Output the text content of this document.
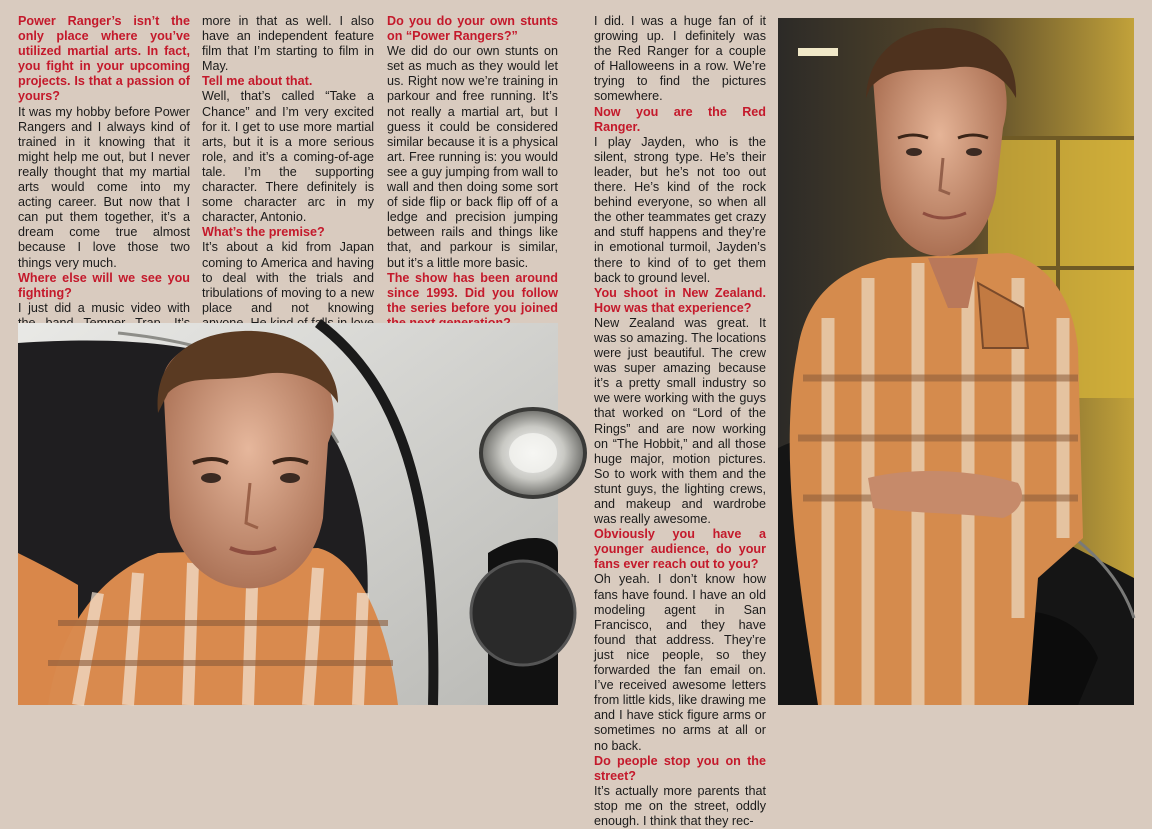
Power Ranger’s isn’t the only place where you’ve utilized martial arts. In fact, you fight in your upcoming projects. Is that a passion of yours?

It was my hobby before Power Rangers and I always kind of trained in it knowing that it might help me out, but I never really thought that my martial arts would come into my acting career. But now that I can put them together, it’s a dream come true almost because I love those two things very much.

Where else will we see you fighting?

I just did a music video with

more in that as well. I also have an independent feature film that I’m starting to film in May.

Tell me about that.

Well, that’s called “Take a Chance” and I’m very excited for it. I get to use more martial arts, but it is a more serious role, and it’s a coming-of-age tale. I’m the supporting character. There definitely is some character arc in my character, Antonio.

What’s the premise?

It’s about a kid from Japan coming to America and having to deal with the trials and tribulations of moving to a new place and not knowing

Do you do your own stunts on “Power Rangers?”

We did do our own stunts on set as much as they would let us. Right now we’re training in parkour and free running. It’s not really a martial art, but I guess it could be considered similar because it is a physical art. Free running is: you would see a guy jumping from wall to wall and then doing some sort of side flip or back flip off of a ledge and precision jumping between rails and things like that, and parkour is similar, but it’s a little more basic.

The show has been around since 1993. Did you follow the series before you joined

I did. I was a huge fan of it growing up. I definitely was the Red Ranger for a couple of Halloweens in a row. We’re trying to find the pictures somewhere.

Now you are the Red Ranger.

I play Jayden, who is the silent, strong type. He’s their leader, but he’s not too out there. He’s kind of the rock behind everyone, so when all the other teammates get crazy and stuff happens and they’re in emotional turmoil, Jayden’s there to kind of to get them back to ground level.

You shoot in New Zealand. How was that experience?

New Zealand was great. It was so amazing. The locations were just beautiful. The crew was super amazing because it’s a pretty small industry so we were working with the guys that worked on “Lord of the Rings” and are now working on “The Hobbit,” and all those huge major, motion pictures. So to work with them and the stunt guys, the lighting crews, and makeup and wardrobe was really awesome.

Obviously you have a younger audience, do your fans ever reach out to you?

Oh yeah. I don’t know how fans have found. I have an old modeling agent in San Francisco, and they have found that address. They’re just nice people, so they forwarded the fan email on. I’ve received awesome letters from little kids, like drawing me and I have stick figure arms or sometimes no arms at all or no back.

Do people stop you on the street?

It’s actually more parents that stop me on the street, oddly enough. I think that they rec-
